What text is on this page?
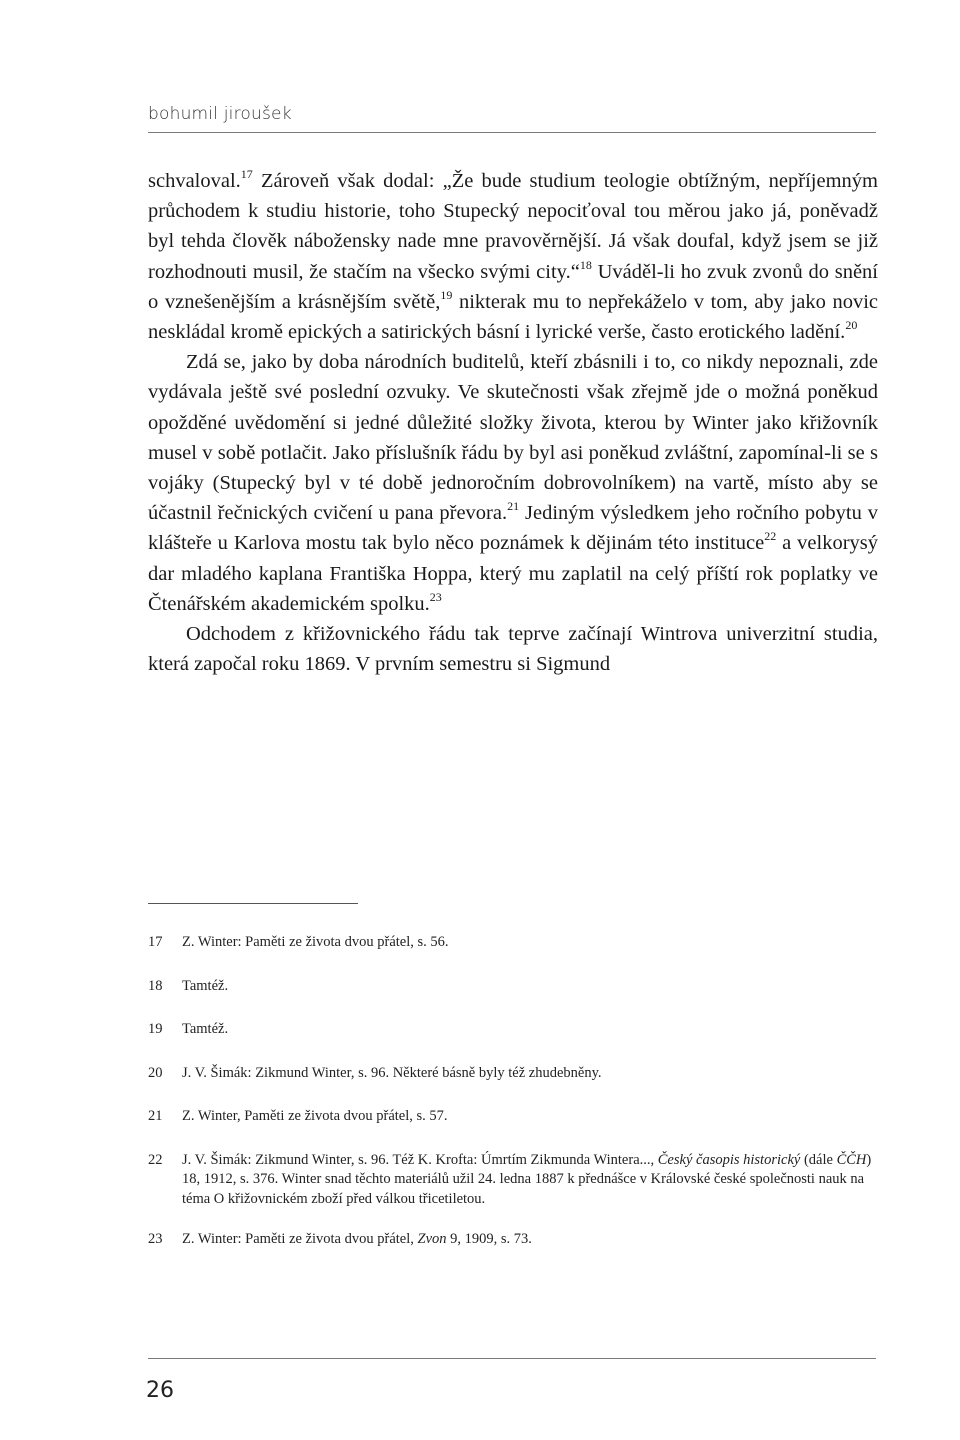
bohumil jiroušek

schvaloval.$^{17}$ Zároveň však dodal: „Že bude studium teologie obtížným, nepříjemným průchodem k studiu historie, toho Stupecký nepociťoval tou měrou jako já, poněvadž byl tehda člověk nábožensky nade mne pravověrnější. Já však doufal, když jsem se již rozhodnouti musil, že stačím na všecko svými city.“$^{18}$ Uváděl-li ho zvuk zvonů do snění o vznešenějším a krásnějším světě,$^{19}$ nikterak mu to nepřekáželo v tom, aby jako novic neskládal kromě epických a satirických básní i lyrické verše, často erotického ladění.$^{20}$

Zdá se, jako by doba národních buditelů, kteří zbásnili i to, co nikdy nepoznali, zde vydávala ještě své poslední ozvuky. Ve skutečnosti však zřejmě jde o možná poněkud opožděné uvědomění si jedné důležité složky života, kterou by Winter jako křižovník musel v sobě potlačit. Jako příslušník řádu by byl asi poněkud zvláštní, zapomínal-li se s vojáky (Stupecký byl v té době jednoročním dobrovolníkem) na vartě, místo aby se účastnil řečnických cvičení u pana převora.$^{21}$ Jediným výsledkem jeho ročního pobytu v klášteře u Karlova mostu tak bylo něco poznámek k dějinám této instituce$^{22}$ a velkorysý dar mladého kaplana Františka Hoppa, který mu zaplatil na celý příští rok poplatky ve Čtenářském akademickém spolku.$^{23}$

Odchodem z křižovnického řádu tak teprve začínají Wintrova univerzitní studia, která započal roku 1869. V prvním semestru si Sigmund

17 Z. Winter: Paměti ze života dvou přátel, s. 56.
18 Tamtéž.
19 Tamtéž.
20 J. V. Šimák: Zikmund Winter, s. 96. Některé básně byly též zhudebněny.
21 Z. Winter, Paměti ze života dvou přátel, s. 57.
22 J. V. Šimák: Zikmund Winter, s. 96. Též K. Krofta: Úmrtím Zikmunda Wintera..., Český časopis historický (dále ČČH) 18, 1912, s. 376. Winter snad těchto materiálů užil 24. ledna 1887 k přednášce v Královské české společnosti nauk na téma O křižovnickém zboží před válkou třicetiletou.
23 Z. Winter: Paměti ze života dvou přátel, Zvon 9, 1909, s. 73.
26
